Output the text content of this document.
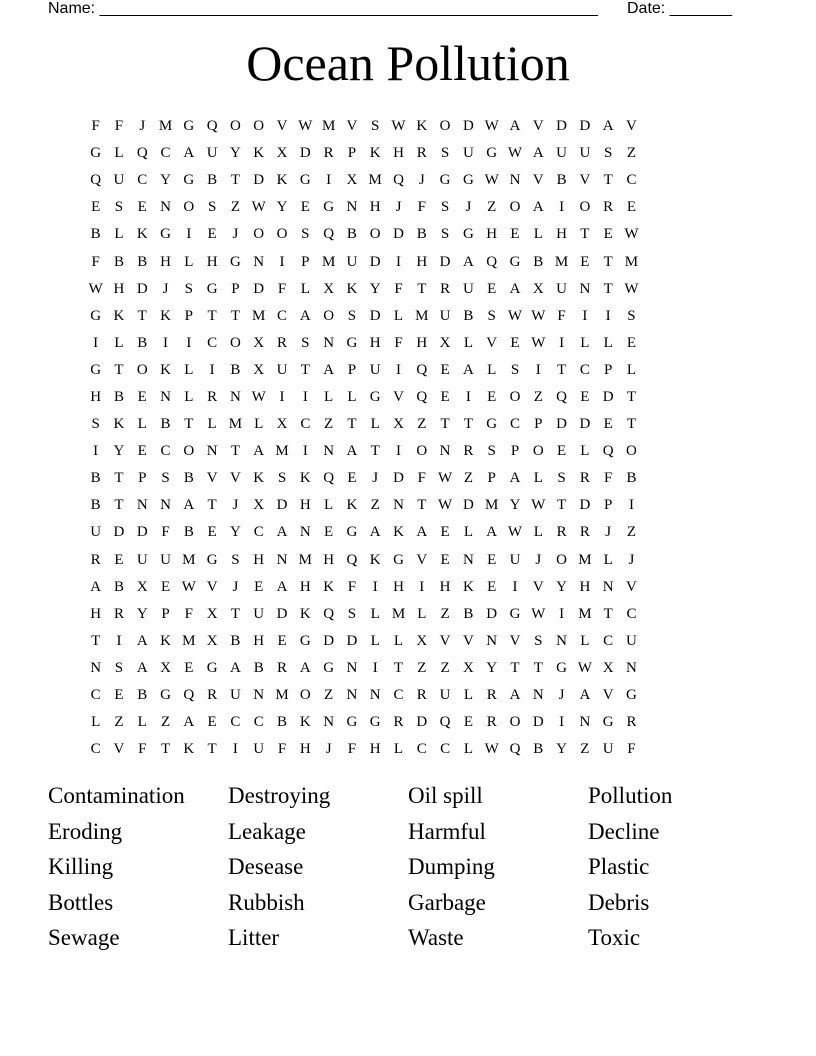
Name: ________________________________________________________ Date: _______
Ocean Pollution
F F	J M G Q O O V W M V S W K O D W A V D D A V
G L Q C A U Y K X D R P K H R S U G W A U U S Z
Q U C Y G B T D K G	I	X M Q J G G W N V B V T C
E S E N O S Z W Y E G N H J	F S	J	Z O A	I	O R E
B L K G	I	E	J O O S Q B O D B S G H E L H T E W
F B B H L H G N	I	P M U D	I	H D A Q G B M E T M
W H D J	S G P D F L X K Y F T R U E A X U N T W
G K T K P T T M C A O S D L M U B S W W F	I	I	S
I	L B	I	I	C O X R S N G H F H X L V E W I	L L E
G T O K L	I	B X U T A P U	I	Q E A L S	I	T C P L
H B E N L R N W I	I	L L G V Q E	I	E O Z Q E D T
S K L B T L M L X C Z T L X Z T T G C P D D E T
I	Y E C O N T A M I	N A T	I	O N R S P O E L Q O
B T P S B V V K S K Q E	J D F W Z P A L S R F B
B T N N A T	J X D H L K Z N T W D M Y W T D P	I
U D D F B E Y C A N E G A K A E L A W L R R	J	Z
R E U U M G S H N M H Q K G V E N E U J O M L	J
A B X E W V J	E A H K F	I	H	I	H K E	I	V Y H N V
H R Y P F X T U D K Q S L M L Z B D G W I M T C
T	I	A K M X B H E G D D L L X V V N V S N L C U
N S A X E G A B R A G N	I	T Z Z X Y T T G W X N
C E B G Q R U N M O Z N N C R U L R A N J A V G
L Z L Z A E C C B K N G G R D Q E R O D	I	N G R
C V F T K T	I	U F H J	F H L C C L W Q B Y Z U F
Contamination	Destroying	Oil spill	Pollution
Eroding	Leakage	Harmful	Decline
Killing	Desease	Dumping	Plastic
Bottles	Rubbish	Garbage	Debris
Sewage	Litter	Waste	Toxic
